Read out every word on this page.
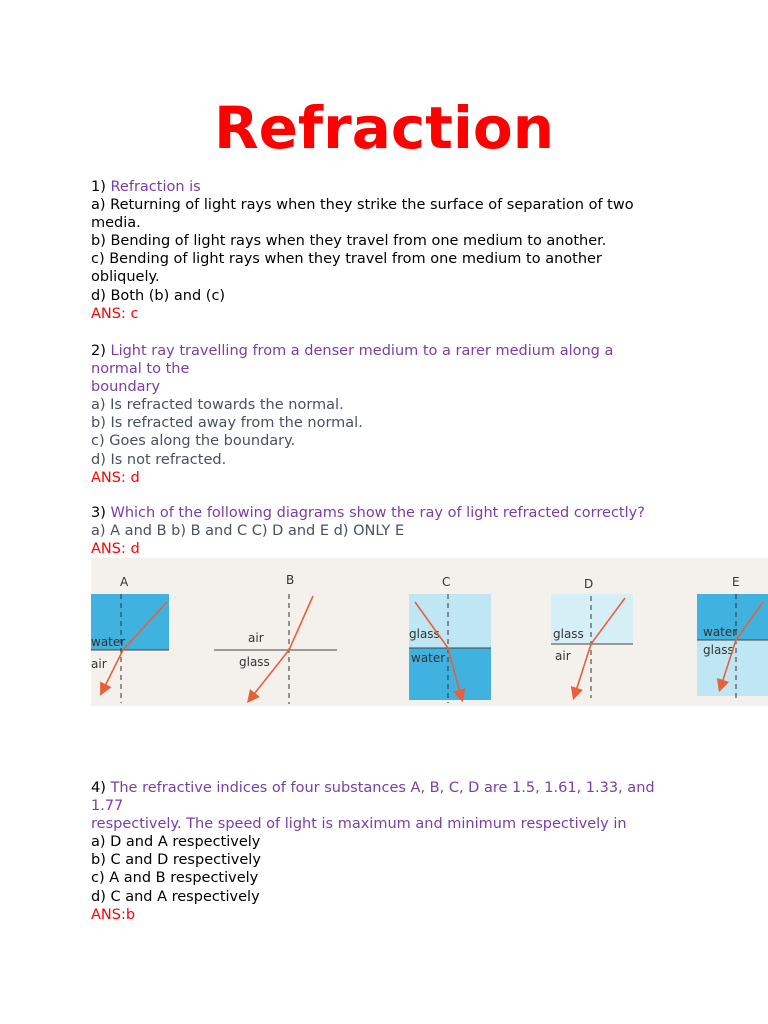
Refraction
1) Refraction is
a) Returning of light rays when they strike the surface of separation of two
media.
b) Bending of light rays when they travel from one medium to another.
c) Bending of light rays when they travel from one medium to another
obliquely.
d) Both (b) and (c)
ANS: c
2) Light ray travelling from a denser medium to a rarer medium along a
normal to the
boundary
a) Is refracted towards the normal.
b) Is refracted away from the normal.
c) Goes along the boundary.
d) Is not refracted.
ANS: d
3) Which of the following diagrams show the ray of light refracted correctly?
a) A and B b) B and C C) D and E d) ONLY E
ANS: d
A
water
air
B
air
glass
C
glass
water
D
glass
air
E
water
glass
4) The refractive indices of four substances A, B, C, D are 1.5, 1.61, 1.33, and
1.77
respectively. The speed of light is maximum and minimum respectively in
a) D and A respectively
b) C and D respectively
c) A and B respectively
d) C and A respectively
ANS:b
